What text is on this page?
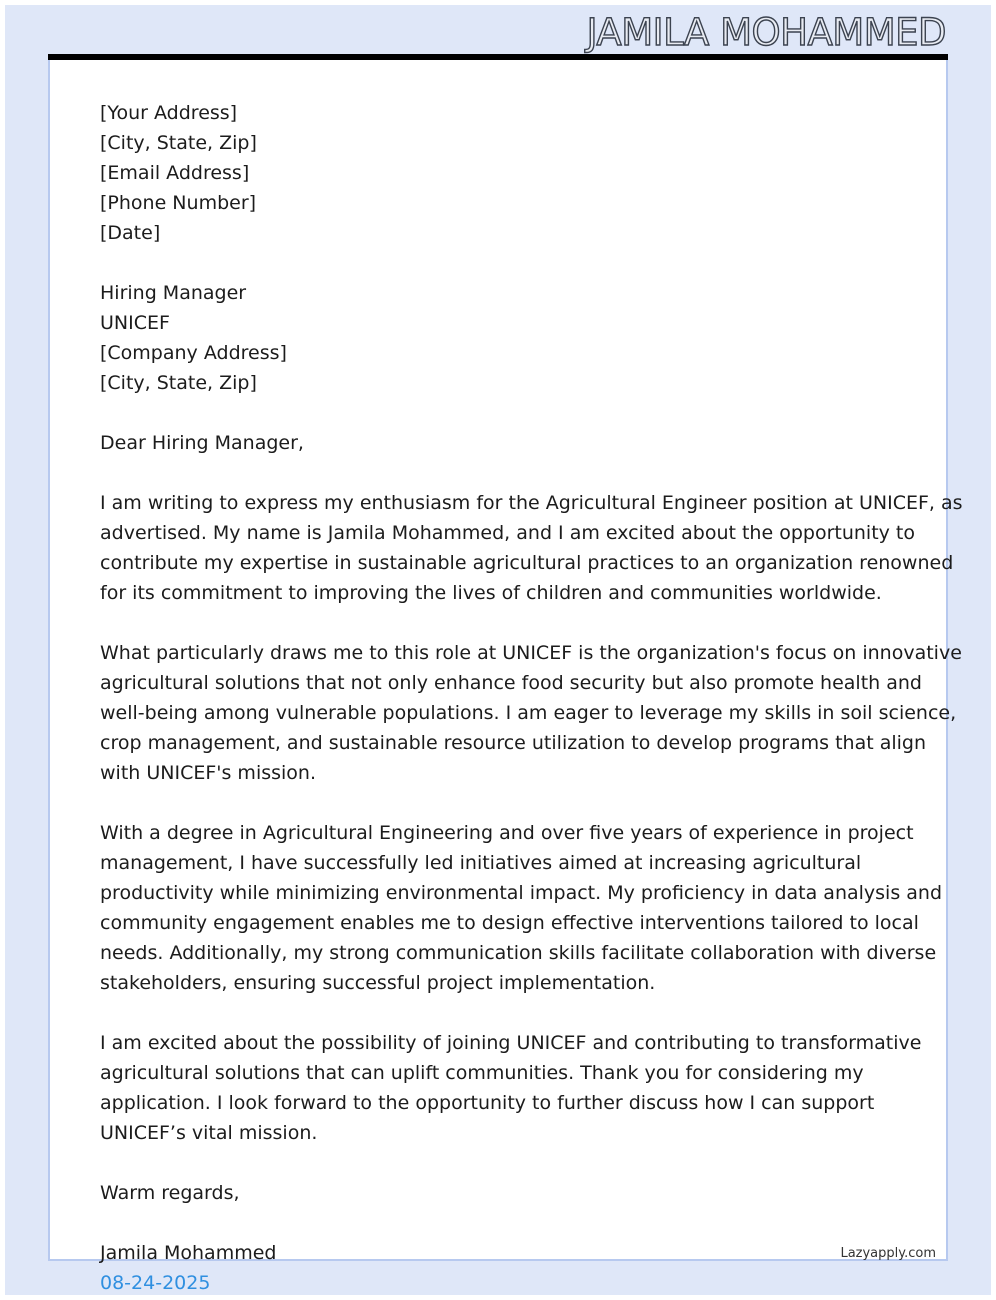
JAMILA MOHAMMED
[Your Address]
[City, State, Zip]
[Email Address]
[Phone Number]
[Date]
Hiring Manager
UNICEF
[Company Address]
[City, State, Zip]
Dear Hiring Manager,
I am writing to express my enthusiasm for the Agricultural Engineer position at UNICEF, as
advertised. My name is Jamila Mohammed, and I am excited about the opportunity to
contribute my expertise in sustainable agricultural practices to an organization renowned
for its commitment to improving the lives of children and communities worldwide.
What particularly draws me to this role at UNICEF is the organization's focus on innovative
agricultural solutions that not only enhance food security but also promote health and
well-being among vulnerable populations. I am eager to leverage my skills in soil science,
crop management, and sustainable resource utilization to develop programs that align
with UNICEF's mission.
With a degree in Agricultural Engineering and over five years of experience in project
management, I have successfully led initiatives aimed at increasing agricultural
productivity while minimizing environmental impact. My proficiency in data analysis and
community engagement enables me to design effective interventions tailored to local
needs. Additionally, my strong communication skills facilitate collaboration with diverse
stakeholders, ensuring successful project implementation.
I am excited about the possibility of joining UNICEF and contributing to transformative
agricultural solutions that can uplift communities. Thank you for considering my
application. I look forward to the opportunity to further discuss how I can support
UNICEF’s vital mission.
Warm regards,
Jamila Mohammed
08-24-2025
Lazyapply.com
